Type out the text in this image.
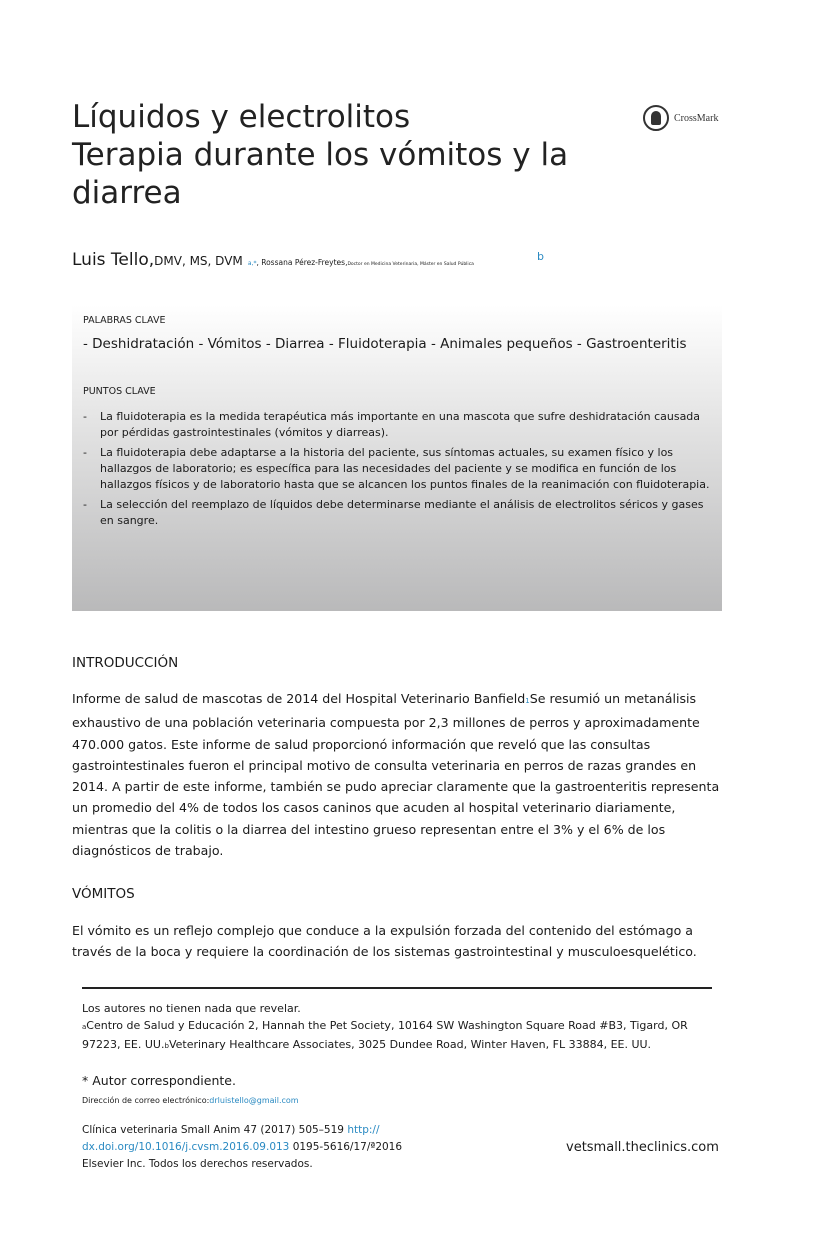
Líquidos y electrolitos
Terapia durante los vómitos y la diarrea
CrossMark
Luis Tello,DMV, MS, DVM a,*, Rossana Pérez-Freytes,Doctor en Medicina Veterinaria, Máster en Salud Pública
b
PALABRAS CLAVE
- Deshidratación - Vómitos - Diarrea - Fluidoterapia - Animales pequeños - Gastroenteritis
PUNTOS CLAVE
- La fluidoterapia es la medida terapéutica más importante en una mascota que sufre deshidratación causada por pérdidas gastrointestinales (vómitos y diarreas).
- La fluidoterapia debe adaptarse a la historia del paciente, sus síntomas actuales, su examen físico y los hallazgos de laboratorio; es específica para las necesidades del paciente y se modifica en función de los hallazgos físicos y de laboratorio hasta que se alcancen los puntos finales de la reanimación con fluidoterapia.
- La selección del reemplazo de líquidos debe determinarse mediante el análisis de electrolitos séricos y gases en sangre.
INTRODUCCIÓN

Informe de salud de mascotas de 2014 del Hospital Veterinario Banfield1Se resumió un metanálisis exhaustivo de una población veterinaria compuesta por 2,3 millones de perros y aproximadamente 470.000 gatos. Este informe de salud proporcionó información que reveló que las consultas gastrointestinales fueron el principal motivo de consulta veterinaria en perros de razas grandes en 2014. A partir de este informe, también se pudo apreciar claramente que la gastroenteritis representa un promedio del 4% de todos los casos caninos que acuden al hospital veterinario diariamente, mientras que la colitis o la diarrea del intestino grueso representan entre el 3% y el 6% de los diagnósticos de trabajo.

VÓMITOS

El vómito es un reflejo complejo que conduce a la expulsión forzada del contenido del estómago a través de la boca y requiere la coordinación de los sistemas gastrointestinal y musculoesquelético.

Los autores no tienen nada que revelar.
aCentro de Salud y Educación 2, Hannah the Pet Society, 10164 SW Washington Square Road #B3, Tigard, OR 97223, EE. UU.bVeterinary Healthcare Associates, 3025 Dundee Road, Winter Haven, FL 33884, EE. UU.
* Autor correspondiente.
Dirección de correo electrónico:drluistello@gmail.com
Clínica veterinaria Small Anim 47 (2017) 505–519 http:// dx.doi.org/10.1016/j.cvsm.2016.09.013 0195-5616/17/ª2016
Elsevier Inc. Todos los derechos reservados.
vetsmall.theclinics.com
